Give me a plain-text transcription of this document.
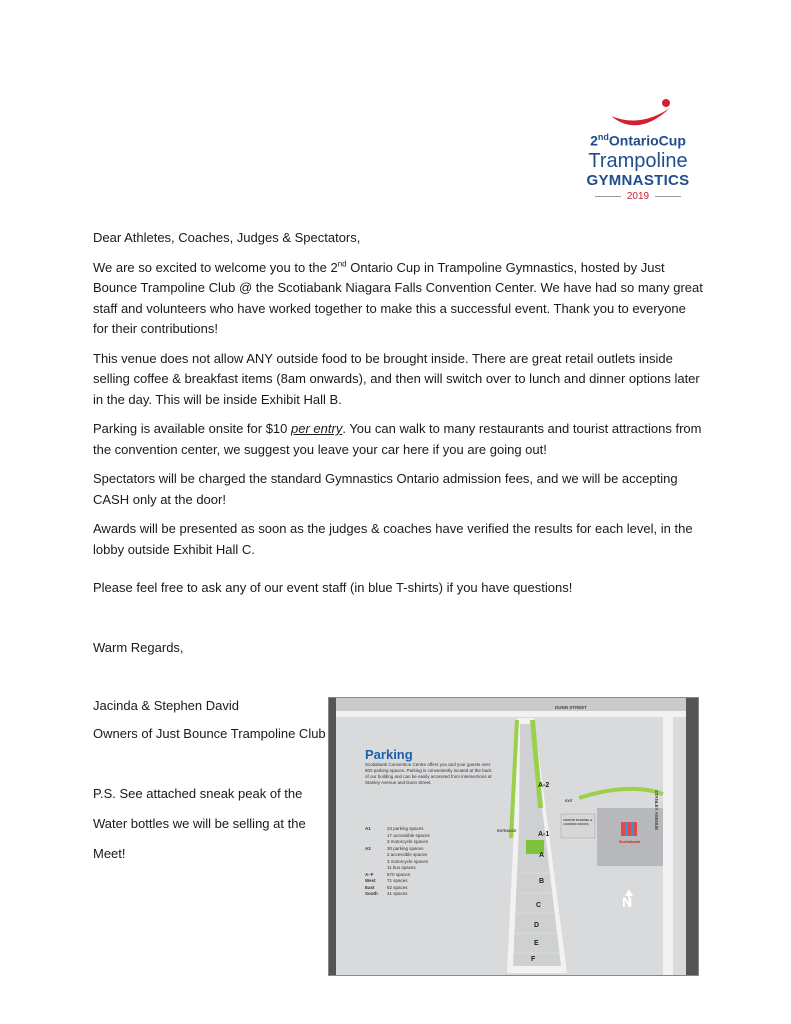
2ndOntarioCup
Trampoline
GYMNASTICS
2019

Dear Athletes, Coaches, Judges & Spectators,

We are so excited to welcome you to the 2nd Ontario Cup in Trampoline Gymnastics, hosted by Just Bounce Trampoline Club @ the Scotiabank Niagara Falls Convention Center. We have had so many great staff and volunteers who have worked together to make this a successful event. Thank you to everyone for their contributions!

This venue does not allow ANY outside food to be brought inside. There are great retail outlets inside selling coffee & breakfast items (8am onwards), and then will switch over to lunch and dinner options later in the day. This will be inside Exhibit Hall B.

Parking is available onsite for $10 per entry. You can walk to many restaurants and tourist attractions from the convention center, we suggest you leave your car here if you are going out!

Spectators will be charged the standard Gymnastics Ontario admission fees, and we will be accepting CASH only at the door!

Awards will be presented as soon as the judges & coaches have verified the results for each level, in the lobby outside Exhibit Hall C.

Please feel free to ask any of our event staff (in blue T-shirts) if you have questions!
Warm Regards,
Jacinda & Stephen David
Owners of Just Bounce Trampoline Club
P.S. See attached sneak peak of the
Water bottles we will be selling at the
Meet!
Parking
Scotiabank Convention Centre offers you and your guests over 800 parking spaces. Parking is conveniently located at the back of our building and can be easily accessed from intersections at Stanley Avenue and Dunn Street.
A1	24 parking spaces
17 accessible spaces
3 motorcycle spaces
A2	30 parking spaces
2 accessible spaces
3 motorcycle spaces
11 bus spaces
A–F	570 spaces
West	71 spaces
East	62 spaces
South	41 spaces
DUNN STREET
STANLEY AVENUE
ENTRANCE
EXIT
VISITOR PARKING & LOADING DOCKS
Scotiabank
A-2
A-1
A
B
C
D
E
F
N
